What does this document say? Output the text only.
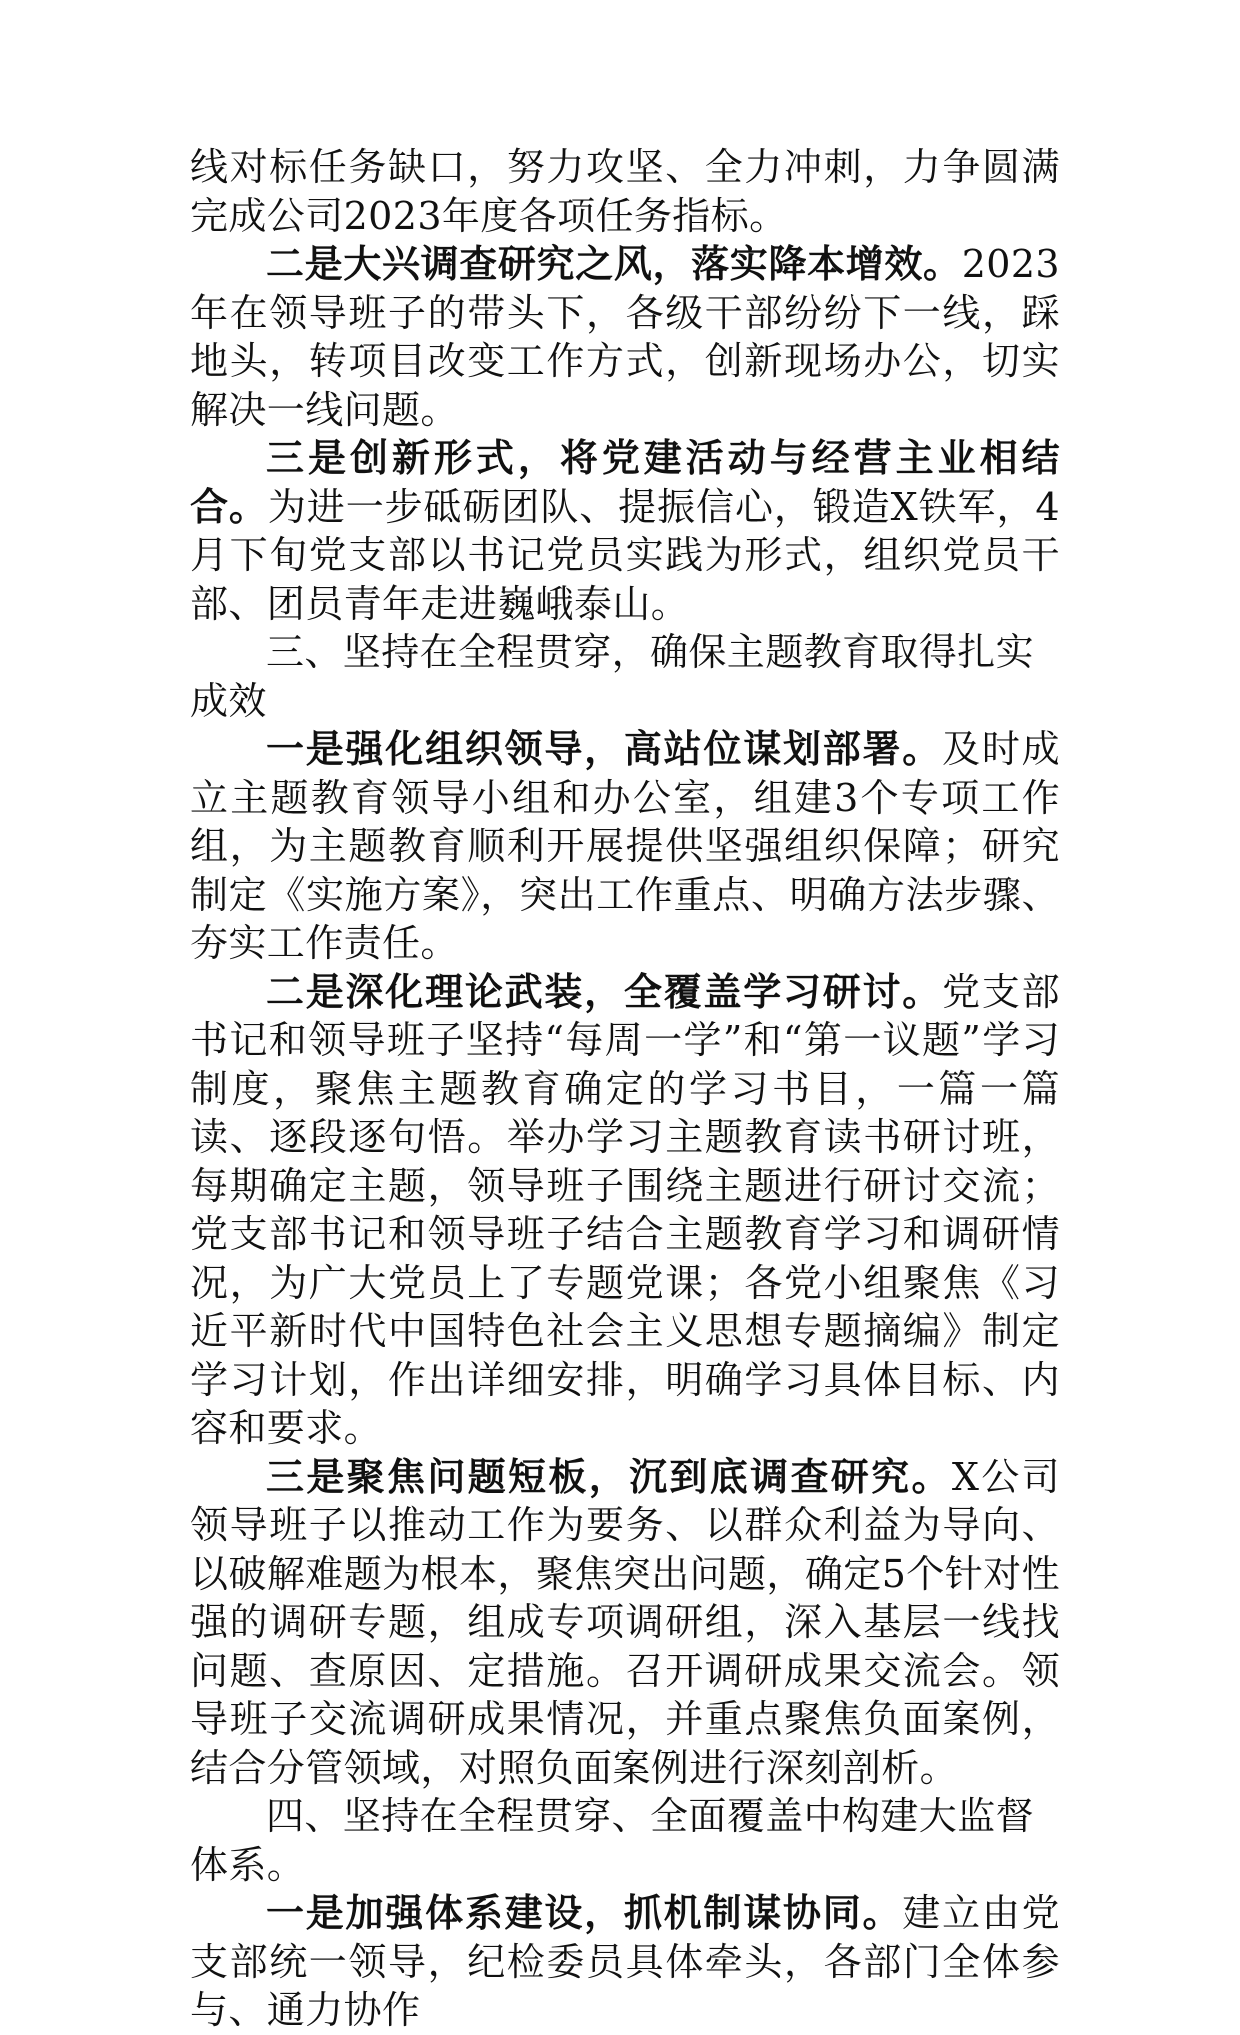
线对标任务缺口，努力攻坚、全力冲刺，力争圆满完成公司2023年度各项任务指标。

二是大兴调查研究之风，落实降本增效。2023年在领导班子的带头下，各级干部纷纷下一线，踩地头，转项目改变工作方式，创新现场办公，切实解决一线问题。

三是创新形式，将党建活动与经营主业相结合。为进一步砥砺团队、提振信心，锻造X铁军，4月下旬党支部以书记党员实践为形式，组织党员干部、团员青年走进巍峨泰山。

三、坚持在全程贯穿，确保主题教育取得扎实成效

一是强化组织领导，高站位谋划部署。及时成立主题教育领导小组和办公室，组建3个专项工作组，为主题教育顺利开展提供坚强组织保障；研究制定《实施方案》，突出工作重点、明确方法步骤、夯实工作责任。

二是深化理论武装，全覆盖学习研讨。党支部书记和领导班子坚持“每周一学”和“第一议题”学习制度，聚焦主题教育确定的学习书目，一篇一篇读、逐段逐句悟。举办学习主题教育读书研讨班，每期确定主题，领导班子围绕主题进行研讨交流；党支部书记和领导班子结合主题教育学习和调研情况，为广大党员上了专题党课；各党小组聚焦《习近平新时代中国特色社会主义思想专题摘编》制定学习计划，作出详细安排，明确学习具体目标、内容和要求。

三是聚焦问题短板，沉到底调查研究。X公司领导班子以推动工作为要务、以群众利益为导向、以破解难题为根本，聚焦突出问题，确定5个针对性强的调研专题，组成专项调研组，深入基层一线找问题、查原因、定措施。召开调研成果交流会。领导班子交流调研成果情况，并重点聚焦负面案例，结合分管领域，对照负面案例进行深刻剖析。

四、坚持在全程贯穿、全面覆盖中构建大监督体系。

一是加强体系建设，抓机制谋协同。建立由党支部统一领导，纪检委员具体牵头，各部门全体参与、通力协作
